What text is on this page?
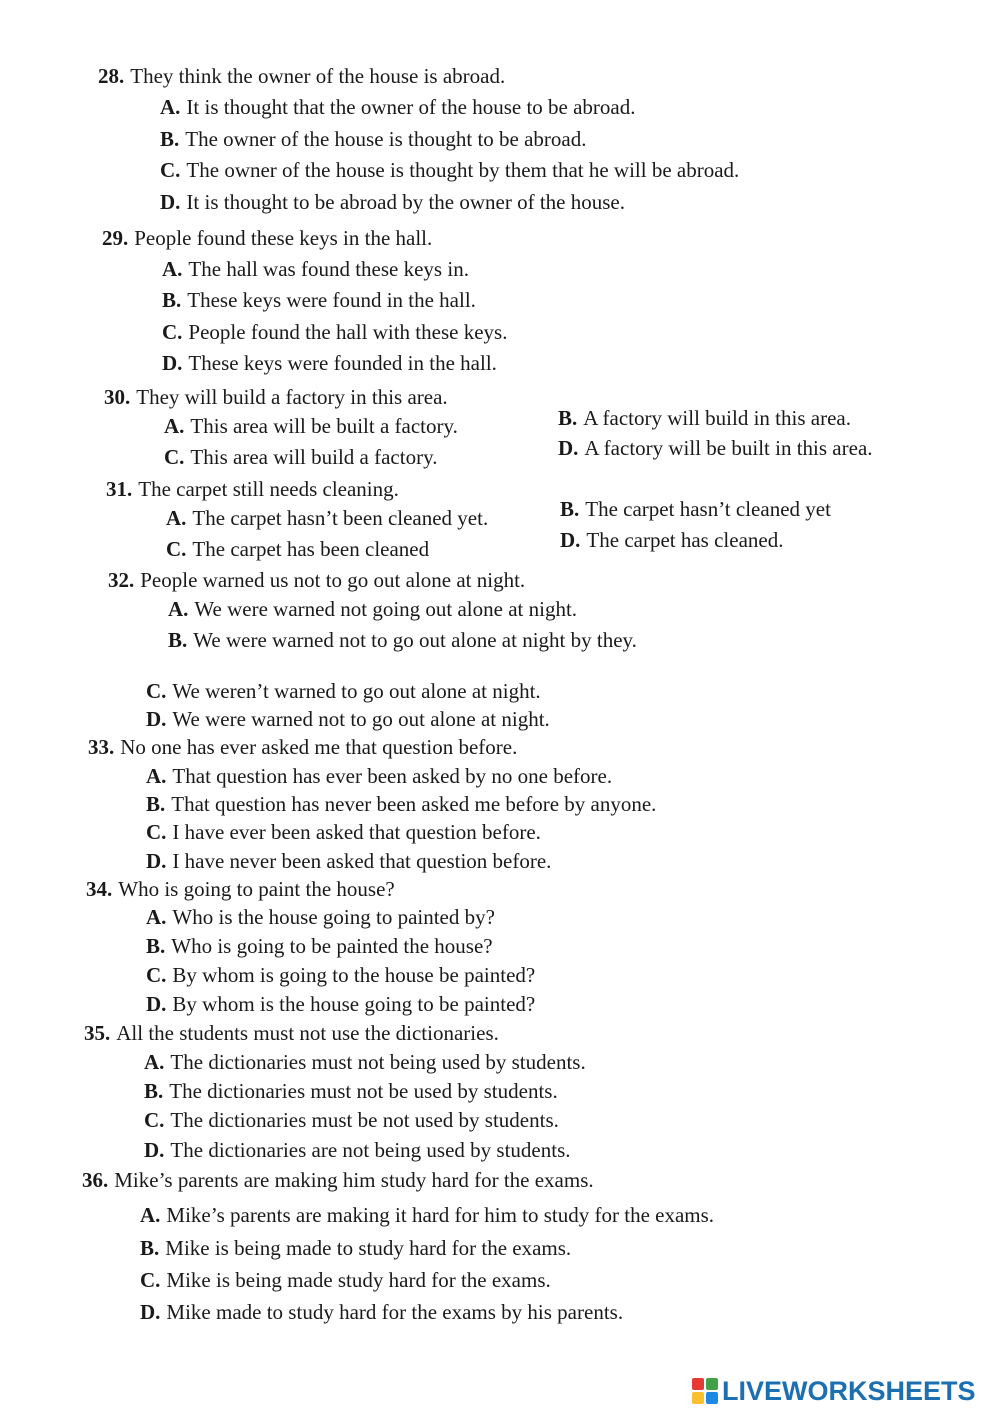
28. They think the owner of the house is abroad.
A. It is thought that the owner of the house to be abroad.
B. The owner of the house is thought to be abroad.
C. The owner of the house is thought by them that he will be abroad.
D. It is thought to be abroad by the owner of the house.
29. People found these keys in the hall.
A. The hall was found these keys in.
B. These keys were found in the hall.
C. People found the hall with these keys.
D. These keys were founded in the hall.
30. They will build a factory in this area.
A. This area will be built a factory.	B. A factory will build in this area.
C. This area will build a factory.	D. A factory will be built in this area.
31. The carpet still needs cleaning.
A. The carpet hasn’t been cleaned yet.	B. The carpet hasn’t cleaned yet
C. The carpet has been cleaned	D. The carpet has cleaned.
32. People warned us not to go out alone at night.
A. We were warned not going out alone at night.
B. We were warned not to go out alone at night by they.
C. We weren’t warned to go out alone at night.
D. We were warned not to go out alone at night.
33. No one has ever asked me that question before.
A. That question has ever been asked by no one before.
B. That question has never been asked me before by anyone.
C. I have ever been asked that question before.
D. I have never been asked that question before.
34. Who is going to paint the house?
A. Who is the house going to painted by?
B. Who is going to be painted the house?
C. By whom is going to the house be painted?
D. By whom is the house going to be painted?
35. All the students must not use the dictionaries.
A. The dictionaries must not being used by students.
B. The dictionaries must not be used by students.
C. The dictionaries must be not used by students.
D. The dictionaries are not being used by students.
36. Mike’s parents are making him study hard for the exams.
A. Mike’s parents are making it hard for him to study for the exams.
B. Mike is being made to study hard for the exams.
C. Mike is being made study hard for the exams.
D. Mike made to study hard for the exams by his parents.
LIVEWORKSHEETS
